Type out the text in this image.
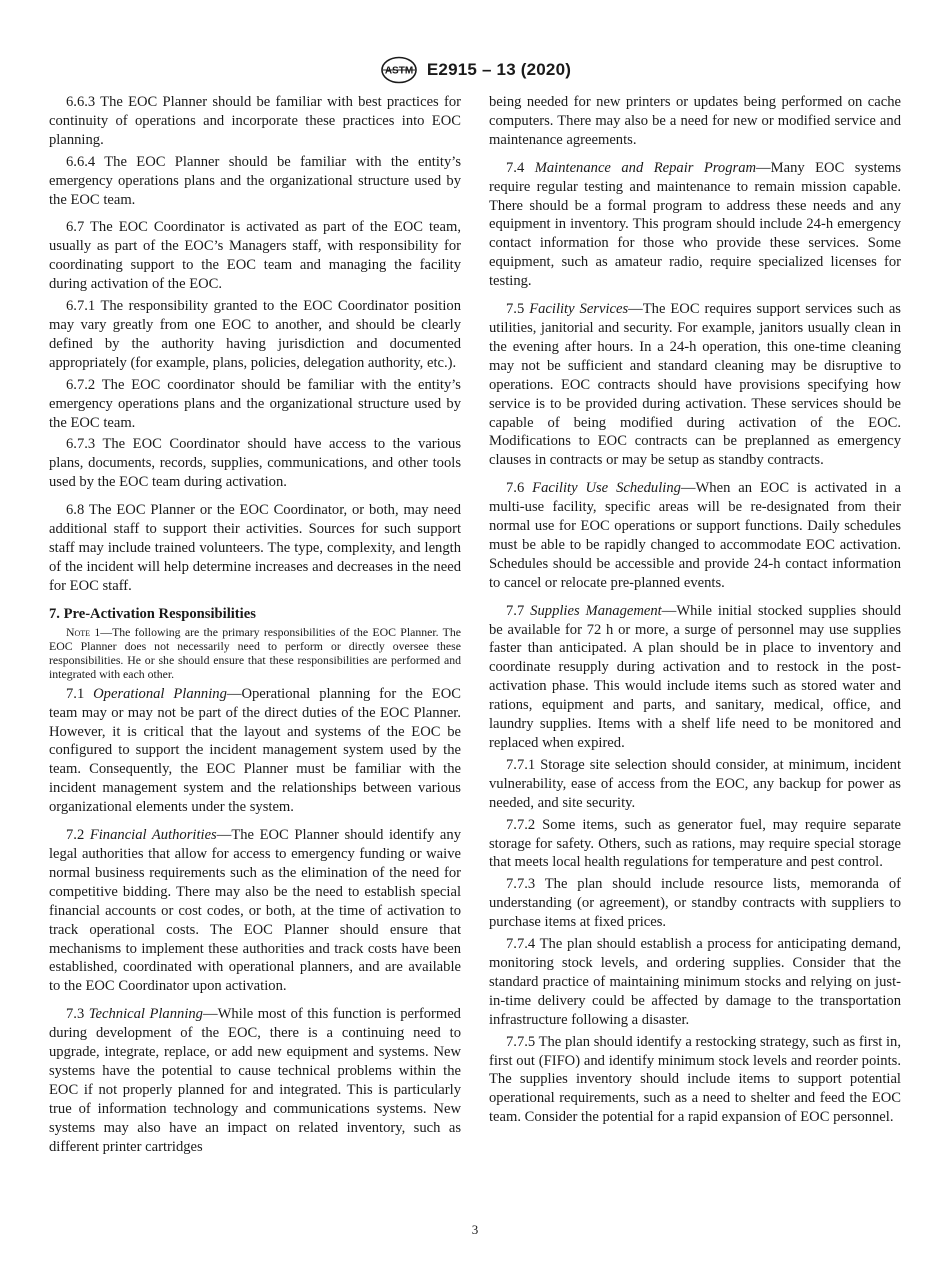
ASTM E2915 – 13 (2020)

6.6.3 The EOC Planner should be familiar with best practices for continuity of operations and incorporate these practices into EOC planning.

6.6.4 The EOC Planner should be familiar with the entity’s emergency operations plans and the organizational structure used by the EOC team.

6.7 The EOC Coordinator is activated as part of the EOC team, usually as part of the EOC’s Managers staff, with responsibility for coordinating support to the EOC team and managing the facility during activation of the EOC.

6.7.1 The responsibility granted to the EOC Coordinator position may vary greatly from one EOC to another, and should be clearly defined by the authority having jurisdiction and documented appropriately (for example, plans, policies, delegation authority, etc.).

6.7.2 The EOC coordinator should be familiar with the entity’s emergency operations plans and the organizational structure used by the EOC team.

6.7.3 The EOC Coordinator should have access to the various plans, documents, records, supplies, communications, and other tools used by the EOC team during activation.

6.8 The EOC Planner or the EOC Coordinator, or both, may need additional staff to support their activities. Sources for such support staff may include trained volunteers. The type, complexity, and length of the incident will help determine increases and decreases in the need for EOC staff.

7. Pre-Activation Responsibilities

Note 1—The following are the primary responsibilities of the EOC Planner. The EOC Planner does not necessarily need to perform or directly oversee these responsibilities. He or she should ensure that these responsibilities are performed and integrated with each other.

7.1 Operational Planning—Operational planning for the EOC team may or may not be part of the direct duties of the EOC Planner. However, it is critical that the layout and systems of the EOC be configured to support the incident management system used by the team. Consequently, the EOC Planner must be familiar with the incident management system and the relationships between various organizational elements under the system.

7.2 Financial Authorities—The EOC Planner should identify any legal authorities that allow for access to emergency funding or waive normal business requirements such as the elimination of the need for competitive bidding. There may also be the need to establish special financial accounts or cost codes, or both, at the time of activation to track operational costs. The EOC Planner should ensure that mechanisms to implement these authorities and track costs have been established, coordinated with operational planners, and are available to the EOC Coordinator upon activation.

7.3 Technical Planning—While most of this function is performed during development of the EOC, there is a continuing need to upgrade, integrate, replace, or add new equipment and systems. New systems have the potential to cause technical problems within the EOC if not properly planned for and integrated. This is particularly true of information technology and communications systems. New systems may also have an impact on related inventory, such as different printer cartridges

being needed for new printers or updates being performed on cache computers. There may also be a need for new or modified service and maintenance agreements.

7.4 Maintenance and Repair Program—Many EOC systems require regular testing and maintenance to remain mission capable. There should be a formal program to address these needs and any equipment in inventory. This program should include 24-h emergency contact information for those who provide these services. Some equipment, such as amateur radio, require specialized licenses for testing.

7.5 Facility Services—The EOC requires support services such as utilities, janitorial and security. For example, janitors usually clean in the evening after hours. In a 24-h operation, this one-time cleaning may not be sufficient and standard cleaning may be disruptive to operations. EOC contracts should have provisions specifying how service is to be provided during activation. These services should be capable of being modified during activation of the EOC. Modifications to EOC contracts can be preplanned as emergency clauses in contracts or may be setup as standby contracts.

7.6 Facility Use Scheduling—When an EOC is activated in a multi-use facility, specific areas will be re-designated from their normal use for EOC operations or support functions. Daily schedules must be able to be rapidly changed to accommodate EOC activation. Schedules should be accessible and provide 24-h contact information to cancel or relocate pre-planned events.

7.7 Supplies Management—While initial stocked supplies should be available for 72 h or more, a surge of personnel may use supplies faster than anticipated. A plan should be in place to inventory and coordinate resupply during activation and to restock in the post-activation phase. This would include items such as stored water and rations, equipment and parts, and sanitary, medical, office, and laundry supplies. Items with a shelf life need to be monitored and replaced when expired.

7.7.1 Storage site selection should consider, at minimum, incident vulnerability, ease of access from the EOC, any backup for power as needed, and site security.

7.7.2 Some items, such as generator fuel, may require separate storage for safety. Others, such as rations, may require special storage that meets local health regulations for temperature and pest control.

7.7.3 The plan should include resource lists, memoranda of understanding (or agreement), or standby contracts with suppliers to purchase items at fixed prices.

7.7.4 The plan should establish a process for anticipating demand, monitoring stock levels, and ordering supplies. Consider that the standard practice of maintaining minimum stocks and relying on just-in-time delivery could be affected by damage to the transportation infrastructure following a disaster.

7.7.5 The plan should identify a restocking strategy, such as first in, first out (FIFO) and identify minimum stock levels and reorder points. The supplies inventory should include items to support potential operational requirements, such as a need to shelter and feed the EOC team. Consider the potential for a rapid expansion of EOC personnel.

3
